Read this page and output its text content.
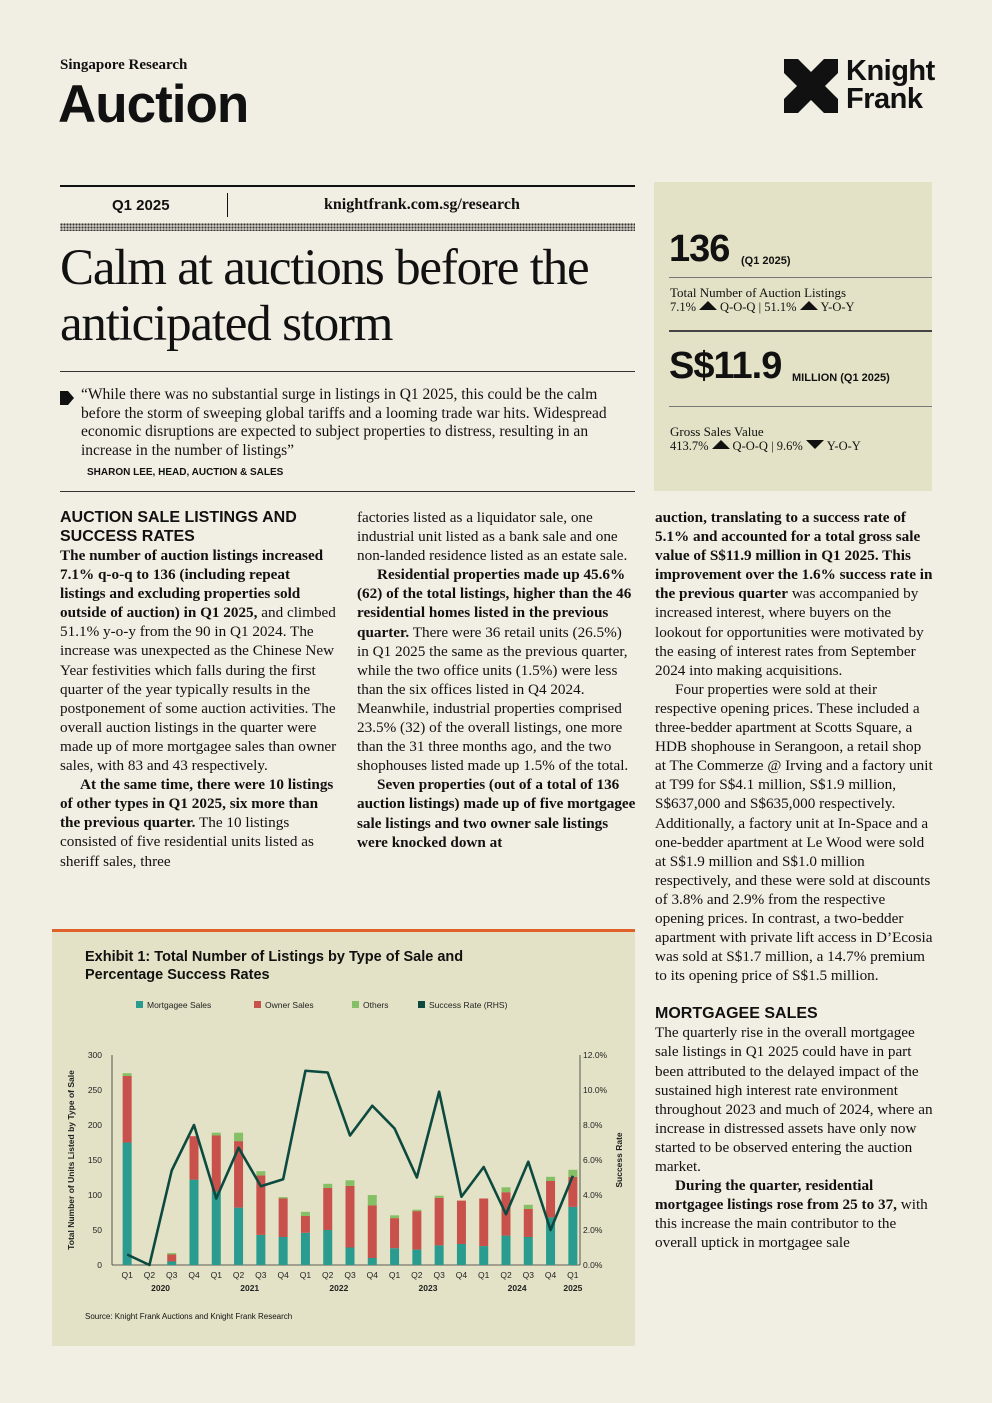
Singapore Research
Auction
Knight
Frank
Q1 2025	knightfrank.com.sg/research
Calm at auctions before the anticipated storm
“While there was no substantial surge in listings in Q1 2025, this could be the calm before the storm of sweeping global tariffs and a looming trade war hits. Widespread economic disruptions are expected to subject properties to distress, resulting in an increase in the number of listings”
SHARON LEE, HEAD, AUCTION & SALES
136 (Q1 2025)
Total Number of Auction Listings
7.1% Q-O-Q | 51.1% Y-O-Y
S$11.9 MILLION (Q1 2025)
Gross Sales Value
413.7% Q-O-Q | 9.6% Y-O-Y
AUCTION SALE LISTINGS AND SUCCESS RATES

The number of auction listings increased 7.1% q-o-q to 136 (including repeat listings and excluding properties sold outside of auction) in Q1 2025, and climbed 51.1% y-o-y from the 90 in Q1 2024. The increase was unexpected as the Chinese New Year festivities which falls during the first quarter of the year typically results in the postponement of some auction activities. The overall auction listings in the quarter were made up of more mortgagee sales than owner sales, with 83 and 43 respectively.

At the same time, there were 10 listings of other types in Q1 2025, six more than the previous quarter. The 10 listings consisted of five residential units listed as sheriff sales, three

factories listed as a liquidator sale, one industrial unit listed as a bank sale and one non-landed residence listed as an estate sale.

Residential properties made up 45.6% (62) of the total listings, higher than the 46 residential homes listed in the previous quarter. There were 36 retail units (26.5%) in Q1 2025 the same as the previous quarter, while the two office units (1.5%) were less than the six offices listed in Q4 2024. Meanwhile, industrial properties comprised 23.5% (32) of the overall listings, one more than the 31 three months ago, and the two shophouses listed made up 1.5% of the total.

Seven properties (out of a total of 136 auction listings) made up of five mortgagee sale listings and two owner sale listings were knocked down at

auction, translating to a success rate of 5.1% and accounted for a total gross sale value of S$11.9 million in Q1 2025. This improvement over the 1.6% success rate in the previous quarter was accompanied by increased interest, where buyers on the lookout for opportunities were motivated by the easing of interest rates from September 2024 into making acquisitions.

Four properties were sold at their respective opening prices. These included a three-bedder apartment at Scotts Square, a HDB shophouse in Serangoon, a retail shop at The Commerze @ Irving and a factory unit at T99 for S$4.1 million, S$1.9 million, S$637,000 and S$635,000 respectively. Additionally, a factory unit at In-Space and a one-bedder apartment at Le Wood were sold at S$1.9 million and S$1.0 million respectively, and these were sold at discounts of 3.8% and 2.9% from the respective opening prices. In contrast, a two-bedder apartment with private lift access in D’Ecosia was sold at S$1.7 million, a 14.7% premium to its opening price of S$1.5 million.

MORTGAGEE SALES

The quarterly rise in the overall mortgagee sale listings in Q1 2025 could have in part been attributed to the delayed impact of the sustained high interest rate environment throughout 2023 and much of 2024, where an increase in distressed assets have only now started to be observed entering the auction market.

During the quarter, residential mortgagee listings rose from 25 to 37, with this increase the main contributor to the overall uptick in mortgagee sale

Mortgagee Sales	Owner Sales	Others	Success Rate (RHS)
0
50
100
150
200
250
300
0.0%
2.0%
4.0%
6.0%
8.0%
10.0%
12.0%
Total Number of Units Listed by Type of Sale	Success Rate
Q1 Q2 Q3 Q4 Q1 Q2 Q3 Q4 Q1 Q2 Q3 Q4 Q1 Q2 Q3 Q4 Q1 Q2 Q3 Q4 Q1
2020	2021	2022	2023	2024	2025
Exhibit 1: Total Number of Listings by Type of Sale and Percentage Success Rates
Source: Knight Frank Auctions and Knight Frank Research
